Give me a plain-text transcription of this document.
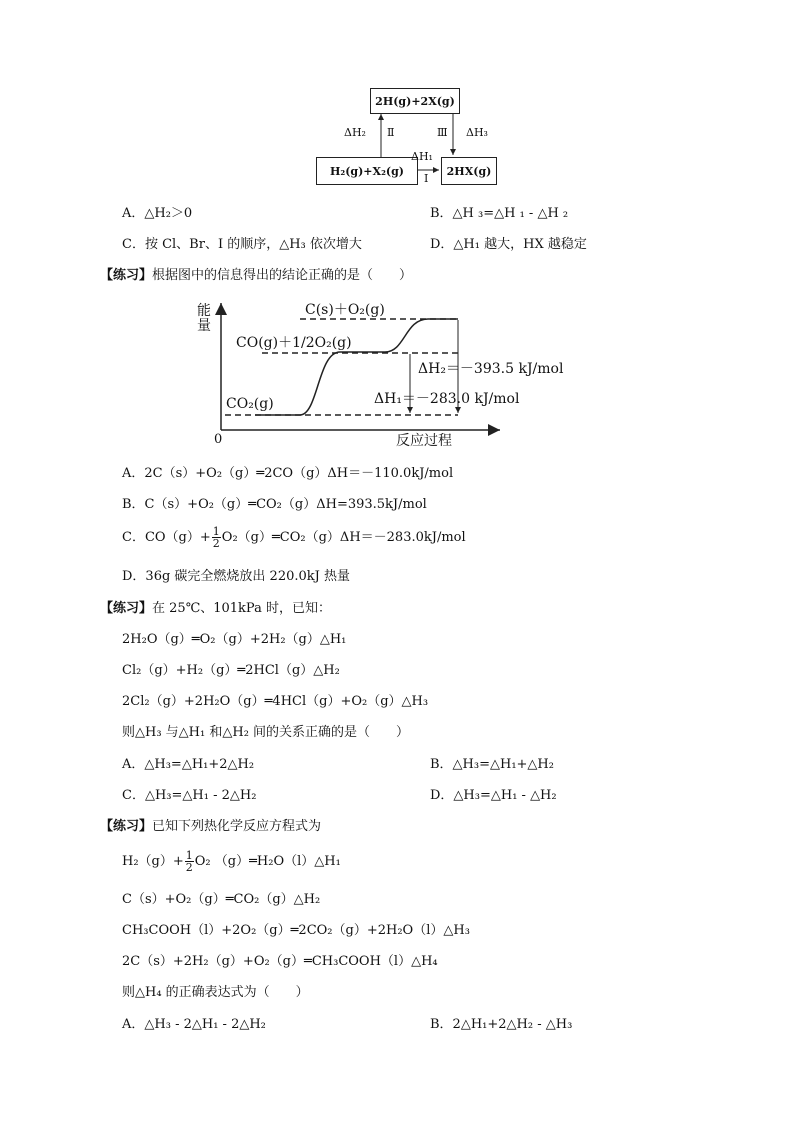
2H(g)+2X(g)
H₂(g)+X₂(g)	2HX(g)
ΔH₂ Ⅱ	Ⅲ ΔH₃
ΔH₁
Ⅰ
A．△H₂＞0	B．△H ₃=△H ₁ - △H ₂
C．按 Cl、Br、I 的顺序，△H₃ 依次增大	D．△H₁ 越大，HX 越稳定
【练习】根据图中的信息得出的结论正确的是（　　）
能量
反应过程
0
C(s)＋O₂(g)
CO(g)＋1/2O₂(g)
CO₂(g)
ΔH₂＝－393.5 kJ/mol
ΔH₁＝－283.0 kJ/mol
A．2C（s）+O₂（g）═2CO（g）ΔH＝－110.0kJ/mol
B．C（s）+O₂（g）═CO₂（g）ΔH=393.5kJ/mol
C．$CO(g)+ \frac{1}{2}$ O₂（g）═CO₂（g）ΔH＝－283.0kJ/mol
D．36g 碳完全燃烧放出 220.0kJ 热量
【练习】在 25℃、101kPa 时，已知：
2H₂O（g）═O₂（g）+2H₂（g）△H₁
Cl₂（g）+H₂（g）═2HCl（g）△H₂
2Cl₂（g）+2H₂O（g）═4HCl（g）+O₂（g）△H₃
则△H₃ 与△H₁ 和△H₂ 间的关系正确的是（　　）
A．△H₃=△H₁+2△H₂	B．△H₃=△H₁+△H₂
C．△H₃=△H₁ - 2△H₂	D．△H₃=△H₁ - △H₂
【练习】已知下列热化学反应方程式为
$H_2(g)+ \frac{1}{2} O_2$ （g）═H₂O（l）△H₁
C（s）+O₂（g）═CO₂（g）△H₂
CH₃COOH（l）+2O₂（g）═2CO₂（g）+2H₂O（l）△H₃
2C（s）+2H₂（g）+O₂（g）═CH₃COOH（l）△H₄
则△H₄ 的正确表达式为（　　）
A．△H₃ - 2△H₁ - 2△H₂	B．2△H₁+2△H₂ - △H₃
